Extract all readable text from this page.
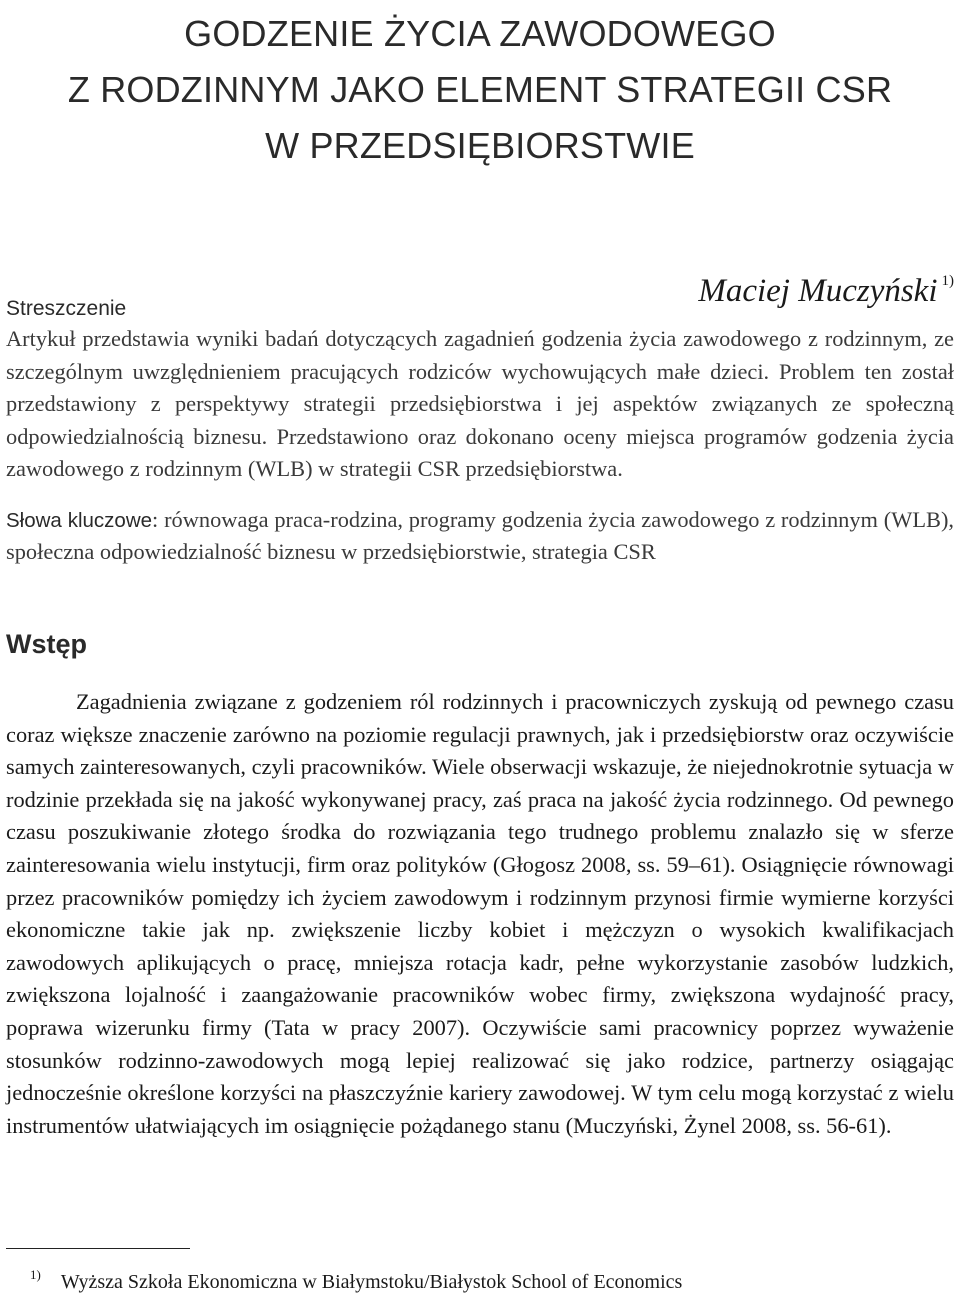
GODZENIE ŻYCIA ZAWODOWEGO
Z RODZINNYM JAKO ELEMENT STRATEGII CSR
W PRZEDSIĘBIORSTWIE
Maciej Muczyński $^{1)}$
Streszczenie

Artykuł przedstawia wyniki badań dotyczących zagadnień godzenia życia zawodowego z rodzinnym, ze szczególnym uwzględnieniem pracujących rodziców wychowujących małe dzieci. Problem ten został przedstawiony z perspektywy strategii przedsiębiorstwa i jej aspektów związanych ze społeczną odpowiedzialnością biznesu. Przedstawiono oraz dokonano oceny miejsca programów godzenia życia zawodowego z rodzinnym (WLB) w strategii CSR przedsiębiorstwa.

Słowa kluczowe: równowaga praca-rodzina, programy godzenia życia zawodowego z rodzinnym (WLB), społeczna odpowiedzialność biznesu w przedsiębiorstwie, strategia CSR

Wstęp

Zagadnienia związane z godzeniem ról rodzinnych i pracowniczych zyskują od pewnego czasu coraz większe znaczenie zarówno na poziomie regulacji prawnych, jak i przedsiębiorstw oraz oczywiście samych zainteresowanych, czyli pracowników. Wiele obserwacji wskazuje, że niejednokrotnie sytuacja w rodzinie przekłada się na jakość wykonywanej pracy, zaś praca na jakość życia rodzinnego. Od pewnego czasu poszukiwanie złotego środka do rozwiązania tego trudnego problemu znalazło się w sferze zainteresowania wielu instytucji, firm oraz polityków (Głogosz 2008, ss. 59–61). Osiągnięcie równowagi przez pracowników pomiędzy ich życiem zawodowym i rodzinnym przynosi firmie wymierne korzyści ekonomiczne takie jak np. zwiększenie liczby kobiet i mężczyzn o wysokich kwalifikacjach zawodowych aplikujących o pracę, mniejsza rotacja kadr, pełne wykorzystanie zasobów ludzkich, zwiększona lojalność i zaangażowanie pracowników wobec firmy, zwiększona wydajność pracy, poprawa wizerunku firmy (Tata w pracy 2007). Oczywiście sami pracownicy poprzez wyważenie stosunków rodzinno-zawodowych mogą lepiej realizować się jako rodzice, partnerzy osiągając jednocześnie określone korzyści na płaszczyźnie kariery zawodowej. W tym celu mogą korzystać z wielu instrumentów ułatwiających im osiągnięcie pożądanego stanu (Muczyński, Żynel 2008, ss. 56-61).

$^{1)}$ Wyższa Szkoła Ekonomiczna w Białymstoku/Białystok School of Economics
